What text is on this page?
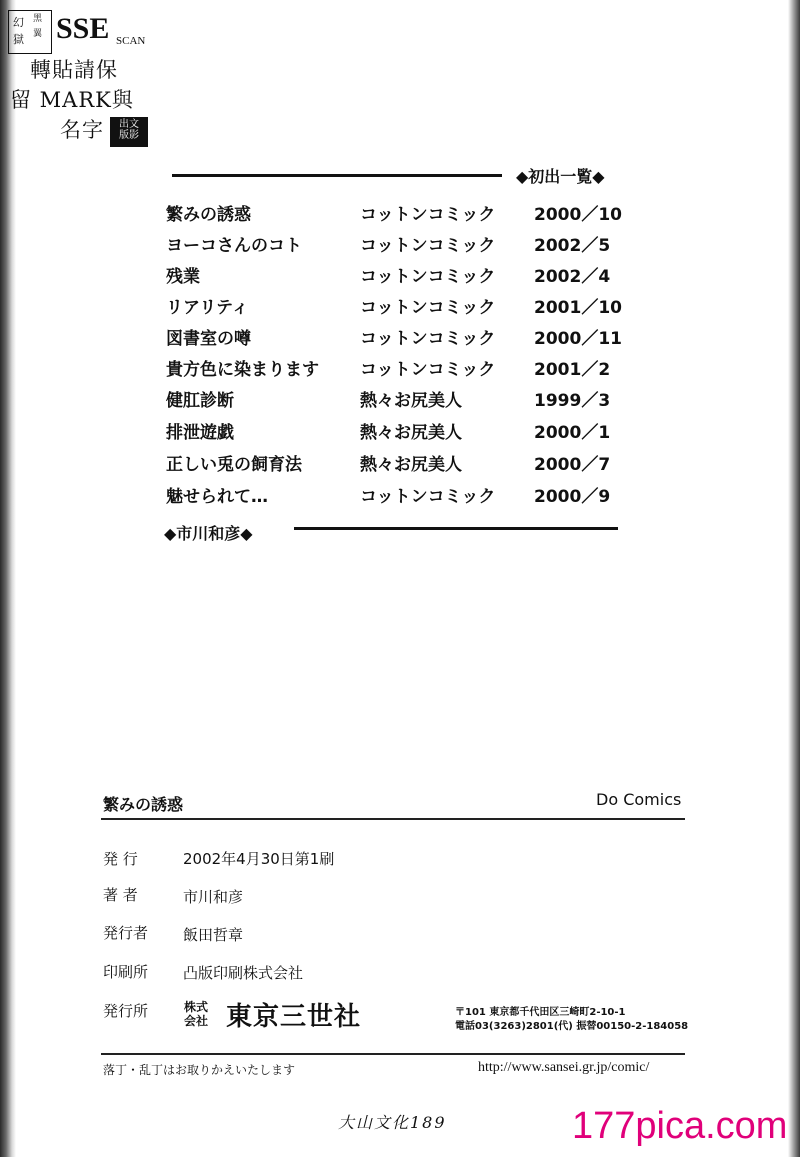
幻
獄
黑
翼 SSE SCAN
轉貼請保
留 MARK與
名字	出文
版影
◆初出一覧◆
繁みの誘惑	コットンコミック 2000／10
ヨーコさんのコト	コットンコミック 2002／5
残業	コットンコミック 2002／4
リアリティ	コットンコミック 2001／10
図書室の噂	コットンコミック 2000／11
貴方色に染まります コットンコミック 2001／2
健肛診断	熱々お尻美人	1999／3
排泄遊戯	熱々お尻美人	2000／1
正しい兎の飼育法	熱々お尻美人	2000／7
魅せられて…	コットンコミック 2000／9
◆市川和彦◆
繁みの誘惑	Do Comics
発 行	2002年4月30日第1刷
著 者	市川和彦
発行者 飯田哲章
印刷所 凸版印刷株式会社
発行所	株式
会社 東京三世社	〒101 東京都千代田区三崎町2-10-1
電話03(3263)2801(代) 振替00150-2-184058
落丁・乱丁はお取りかえいたします	http://www.sansei.gr.jp/comic/
大山文化189	177pica.com
